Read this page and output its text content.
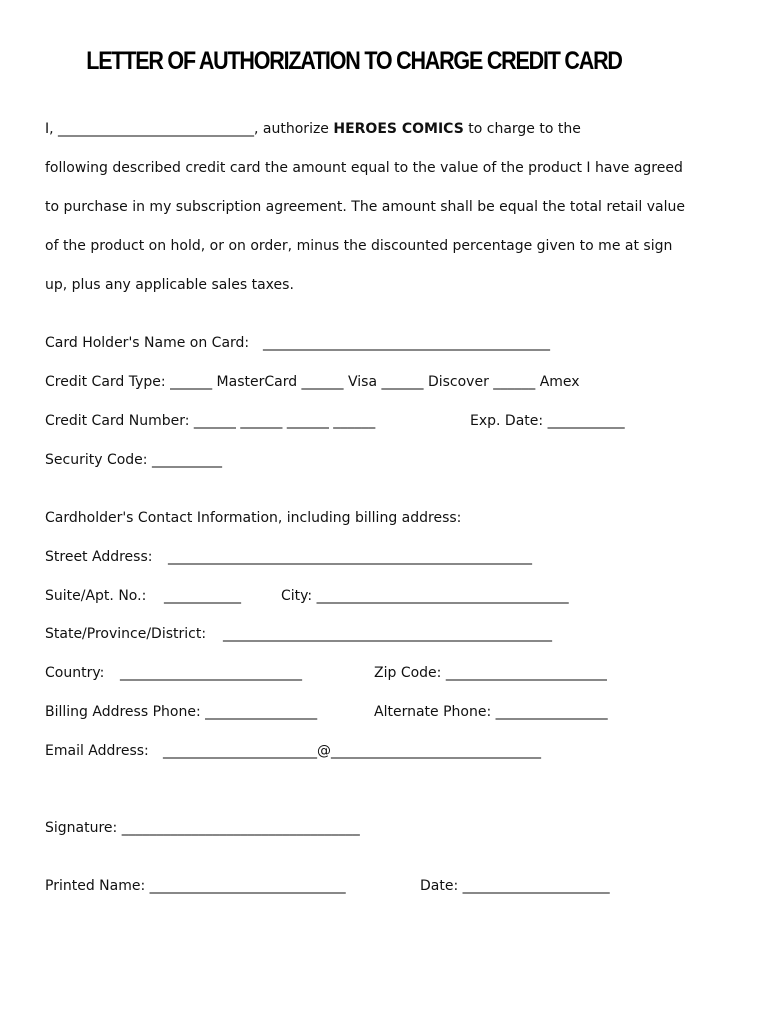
LETTER OF AUTHORIZATION TO CHARGE CREDIT CARD
I, ____________________________, authorize HEROES COMICS to charge to the
following described credit card the amount equal to the value of the product I have agreed
to purchase in my subscription agreement. The amount shall be equal the total retail value
of the product on hold, or on order, minus the discounted percentage given to me at sign
up, plus any applicable sales taxes.
Card Holder's Name on Card: _________________________________________
Credit Card Type: ______ MasterCard ______ Visa ______ Discover ______ Amex
Credit Card Number: ______ ______ ______ ______	Exp. Date: ___________
Security Code: __________
Cardholder's Contact Information, including billing address:
Street Address: ____________________________________________________
Suite/Apt. No.: ___________	City: ____________________________________
State/Province/District: _______________________________________________
Country: __________________________	Zip Code: _______________________
Billing Address Phone: ________________	Alternate Phone: ________________
Email Address: ______________________@______________________________
Signature: __________________________________
Printed Name: ____________________________	Date: _____________________
